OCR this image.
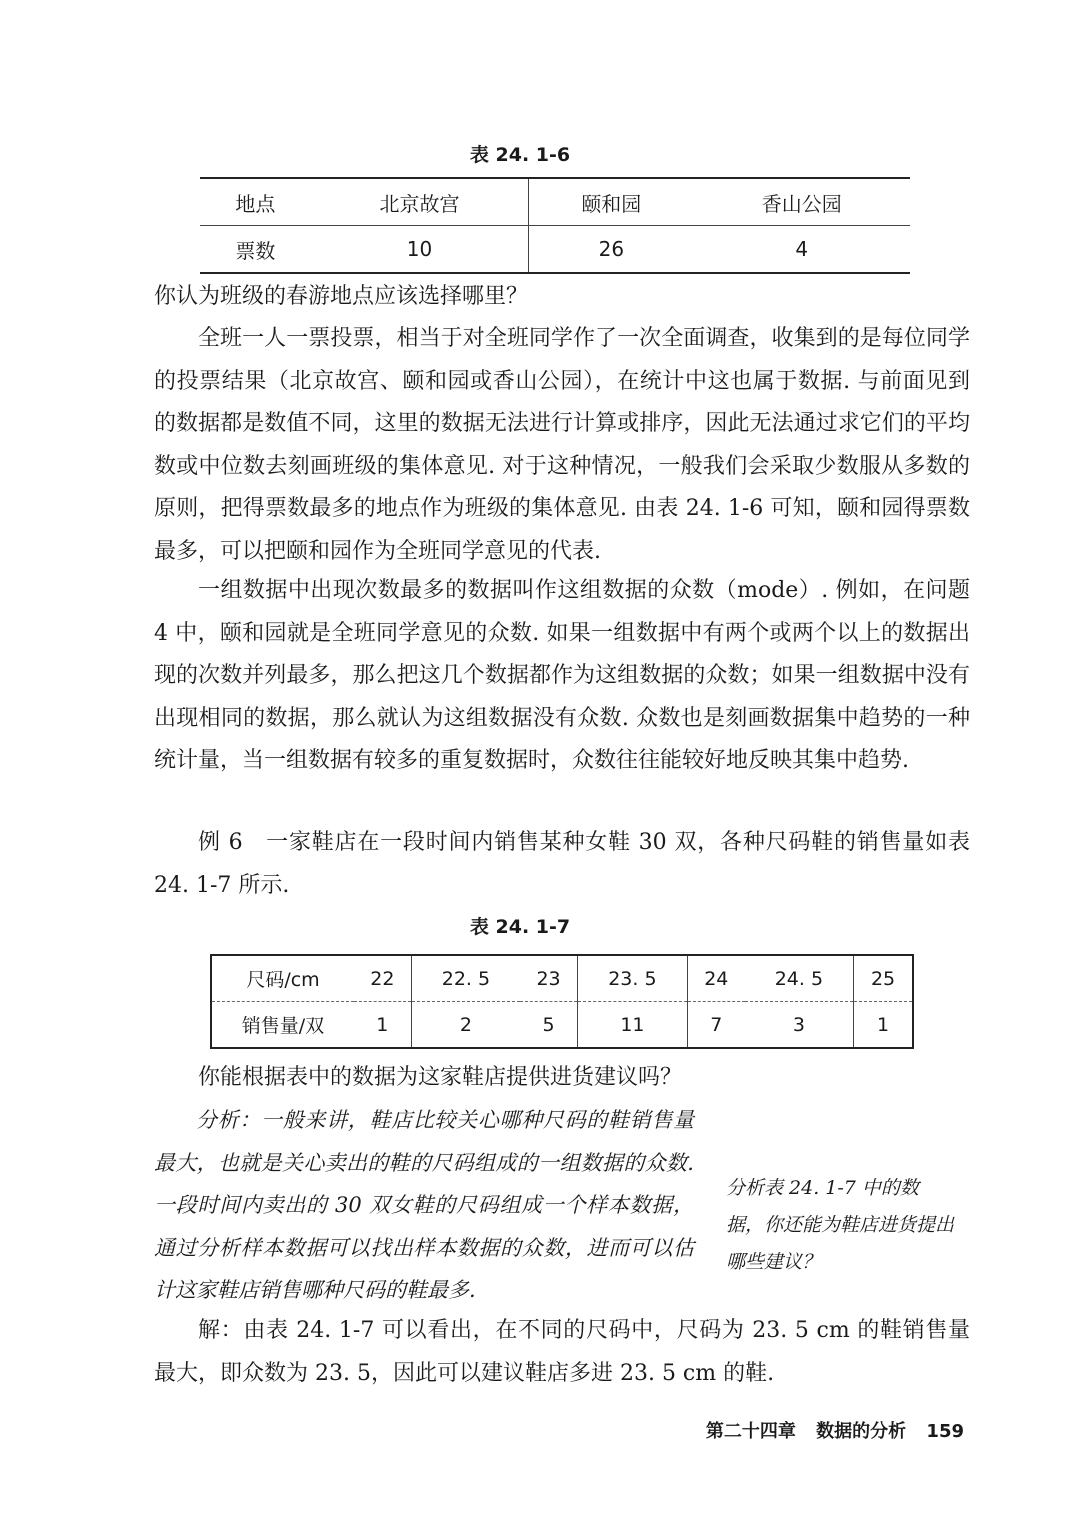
表 24. 1-6
地点	北京故宫	颐和园	香山公园
票数	10	26	4

你认为班级的春游地点应该选择哪里？

全班一人一票投票，相当于对全班同学作了一次全面调查，收集到的是每位同学的投票结果（北京故宫、颐和园或香山公园），在统计中这也属于数据. 与前面见到的数据都是数值不同，这里的数据无法进行计算或排序，因此无法通过求它们的平均数或中位数去刻画班级的集体意见. 对于这种情况，一般我们会采取少数服从多数的原则，把得票数最多的地点作为班级的集体意见. 由表 24. 1-6 可知，颐和园得票数最多，可以把颐和园作为全班同学意见的代表.

一组数据中出现次数最多的数据叫作这组数据的众数（mode）. 例如，在问题 4 中，颐和园就是全班同学意见的众数. 如果一组数据中有两个或两个以上的数据出现的次数并列最多，那么把这几个数据都作为这组数据的众数；如果一组数据中没有出现相同的数据，那么就认为这组数据没有众数. 众数也是刻画数据集中趋势的一种统计量，当一组数据有较多的重复数据时，众数往往能较好地反映其集中趋势.

例 6　一家鞋店在一段时间内销售某种女鞋 30 双，各种尺码鞋的销售量如表 24. 1-7 所示.

表 24. 1-7
尺码/cm	22	22. 5	23	23. 5	24	24. 5	25
销售量/双	1	2	5	11	7	3	1

你能根据表中的数据为这家鞋店提供进货建议吗？

分析：一般来讲，鞋店比较关心哪种尺码的鞋销售量最大，也就是关心卖出的鞋的尺码组成的一组数据的众数. 一段时间内卖出的 30 双女鞋的尺码组成一个样本数据，通过分析样本数据可以找出样本数据的众数，进而可以估计这家鞋店销售哪种尺码的鞋最多.

分析表 24. 1-7 中的数据，你还能为鞋店进货提出哪些建议？

解：由表 24. 1-7 可以看出，在不同的尺码中，尺码为 23. 5 cm 的鞋销售量最大，即众数为 23. 5，因此可以建议鞋店多进 23. 5 cm 的鞋.

第二十四章 数据的分析 159
